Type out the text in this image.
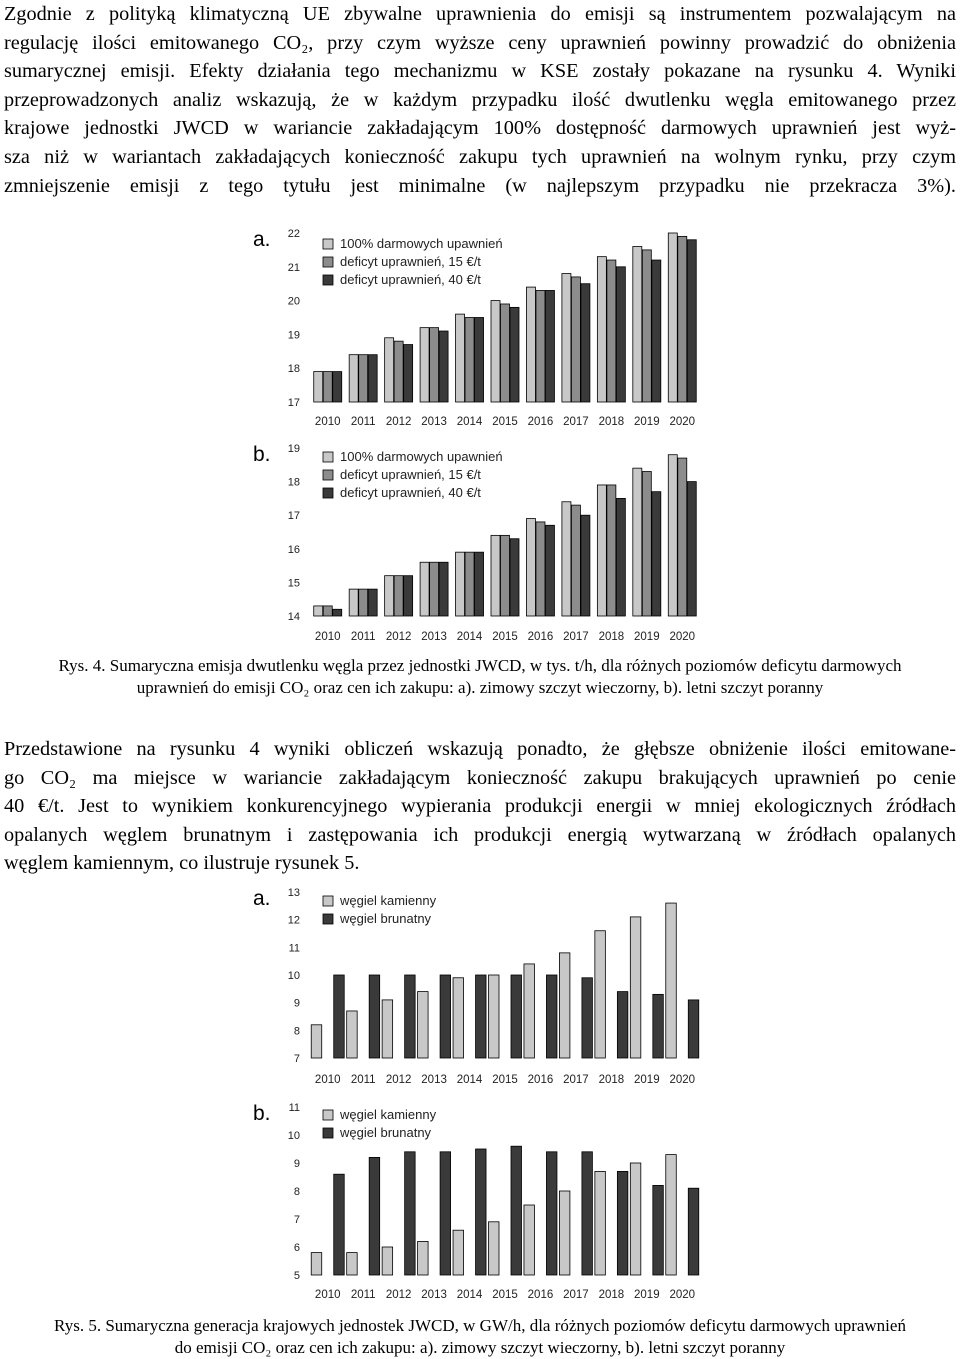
Zgodnie z polityką klimatyczną UE zbywalne uprawnienia do emisji są instrumentem pozwalającym na
regulację ilości emitowanego CO₂, przy czym wyższe ceny uprawnień powinny prowadzić do obniżenia
sumarycznej emisji. Efekty działania tego mechanizmu w KSE zostały pokazane na rysunku 4. Wyniki
przeprowadzonych analiz wskazują, że w każdym przypadku ilość dwutlenku węgla emitowanego przez
krajowe jednostki JWCD w wariancie zakładającym 100% dostępność darmowych uprawnień jest wyż-
sza niż w wariantach zakładających konieczność zakupu tych uprawnień na wolnym rynku, przy czym
zmniejszenie emisji z tego tytułu jest minimalne (w najlepszym przypadku nie przekracza 3%).
a.
17
18
19
20
21
22
2010 2011 2012 2013 2014 2015 2016 2017 2018 2019 2020
100% darmowych upawnień
deficyt uprawnień, 15 €/t
deficyt uprawnień, 40 €/t
b.
14
15
16
17
18
19
2010 2011 2012 2013 2014 2015 2016 2017 2018 2019 2020
100% darmowych upawnień
deficyt uprawnień, 15 €/t
deficyt uprawnień, 40 €/t
a.
7
8
9
10
11
12
13
2010 2011 2012 2013 2014 2015 2016 2017 2018 2019 2020
węgiel kamienny
węgiel brunatny
b.
5
6
7
8
9
10
11
2010 2011 2012 2013 2014 2015 2016 2017 2018 2019 2020
węgiel kamienny
węgiel brunatny
Rys. 4. Sumaryczna emisja dwutlenku węgla przez jednostki JWCD, w tys. t/h, dla różnych poziomów deficytu darmowych
uprawnień do emisji CO₂ oraz cen ich zakupu: a). zimowy szczyt wieczorny, b). letni szczyt poranny
Przedstawione na rysunku 4 wyniki obliczeń wskazują ponadto, że głębsze obniżenie ilości emitowane-
go CO₂ ma miejsce w wariancie zakładającym konieczność zakupu brakujących uprawnień po cenie
40 €/t. Jest to wynikiem konkurencyjnego wypierania produkcji energii w mniej ekologicznych źródłach
opalanych węglem brunatnym i zastępowania ich produkcji energią wytwarzaną w źródłach opalanych
węglem kamiennym, co ilustruje rysunek 5.
Rys. 5. Sumaryczna generacja krajowych jednostek JWCD, w GW/h, dla różnych poziomów deficytu darmowych uprawnień
do emisji CO₂ oraz cen ich zakupu: a). zimowy szczyt wieczorny, b). letni szczyt poranny
